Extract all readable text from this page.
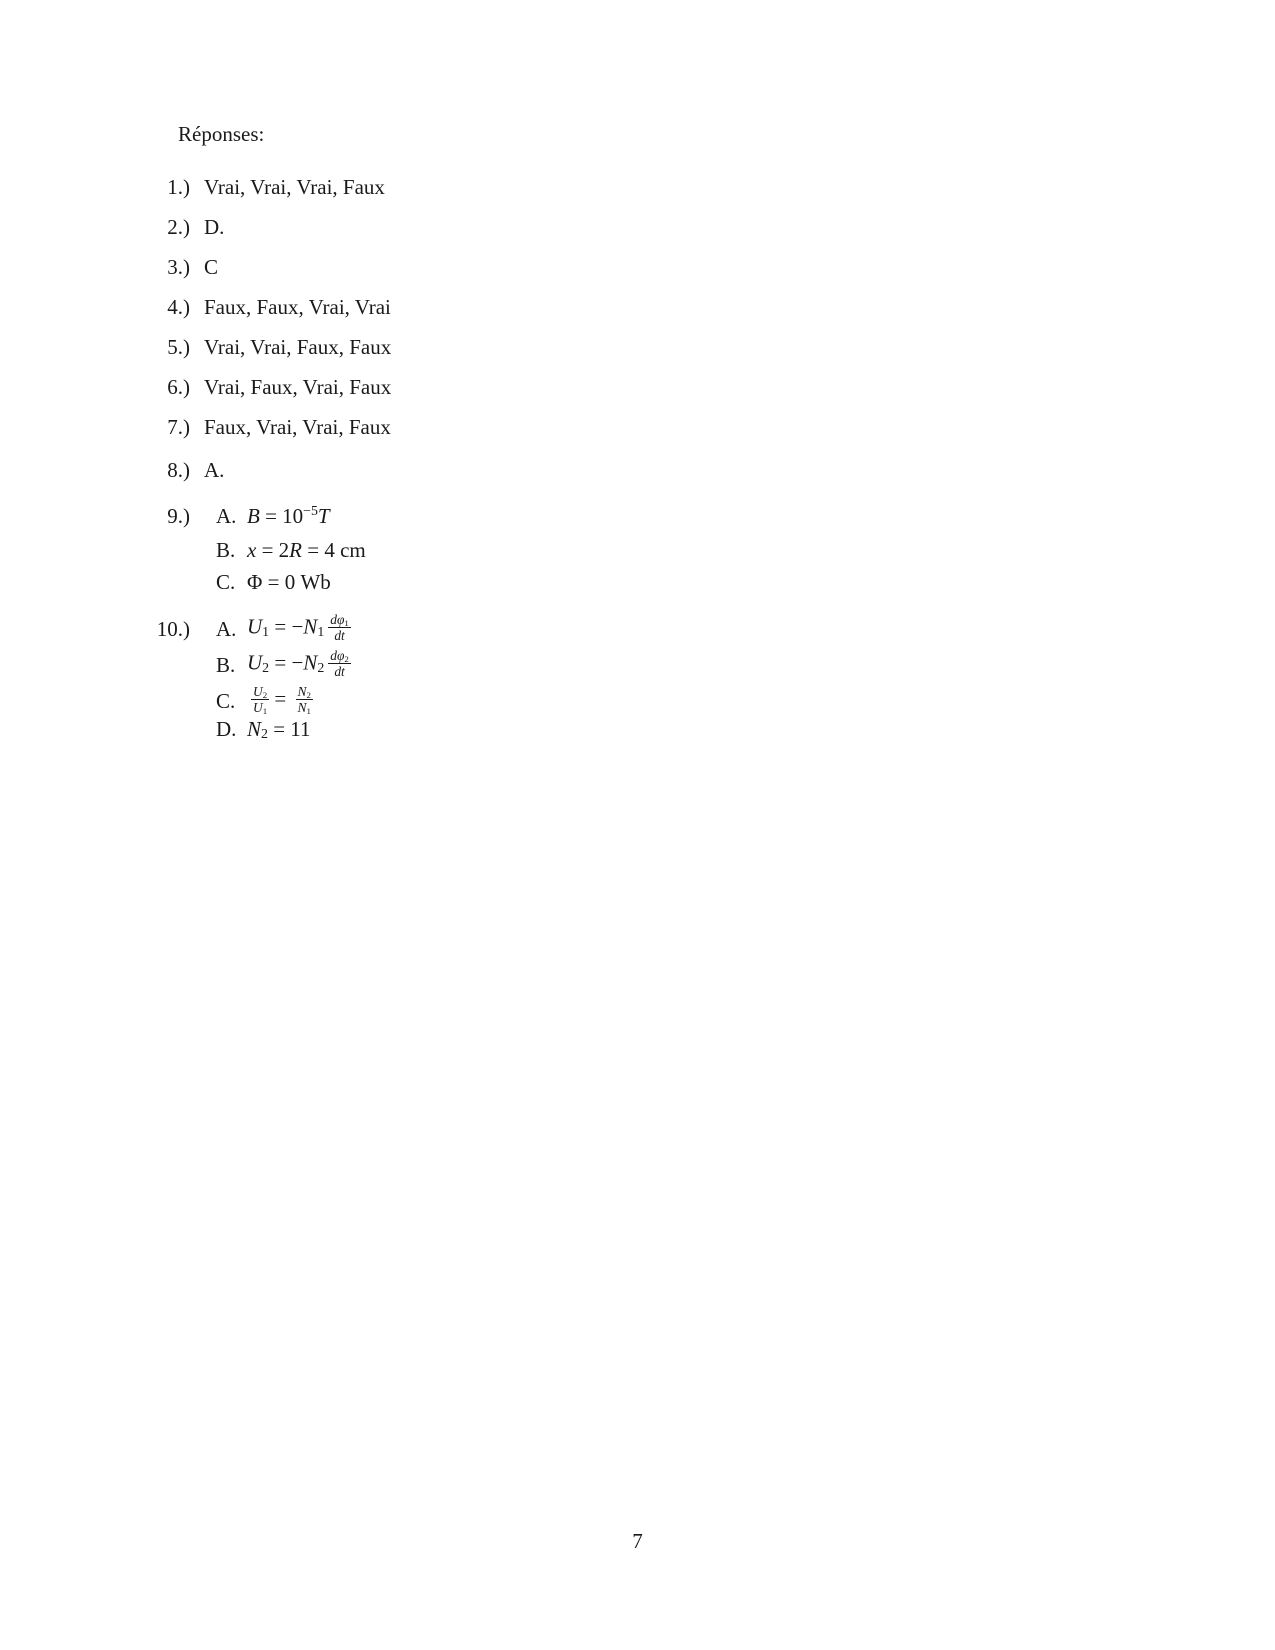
Réponses:
1.) Vrai, Vrai, Vrai, Faux
2.) D.
3.) C
4.) Faux, Faux, Vrai, Vrai
5.) Vrai, Vrai, Faux, Faux
6.) Vrai, Faux, Vrai, Faux
7.) Faux, Vrai, Vrai, Faux
8.) A.
9.) A. $B = 10^{-5}T$
B. x = 2R = 4 cm
C. Φ = 0 Wb
10.) A. $U_1 = -N_1 \frac{d\varphi_1}{dt}$
B. $U_2 = -N_2 \frac{d\varphi_2}{dt}$
C.	$\frac{U_2}{U_1} = \frac{N_2}{N_1}$
D. $N_2 = 11$
7
